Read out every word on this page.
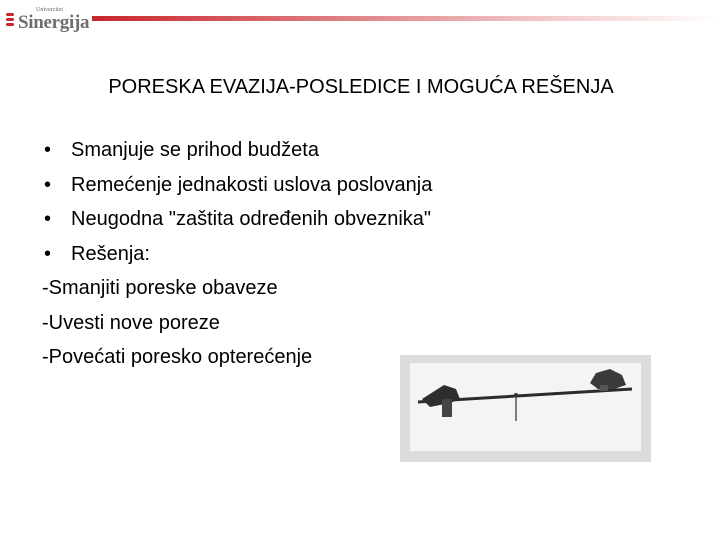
Univerzitet
Sinergija
PORESKA EVAZIJA-POSLEDICE I MOGUĆA REŠENJA
• Smanjuje se prihod budžeta
• Remećenje jednakosti uslova poslovanja
• Neugodna "zaštita određenih obveznika"
• Rešenja:
-Smanjiti poreske obaveze
-Uvesti nove poreze
-Povećati poresko opterećenje
